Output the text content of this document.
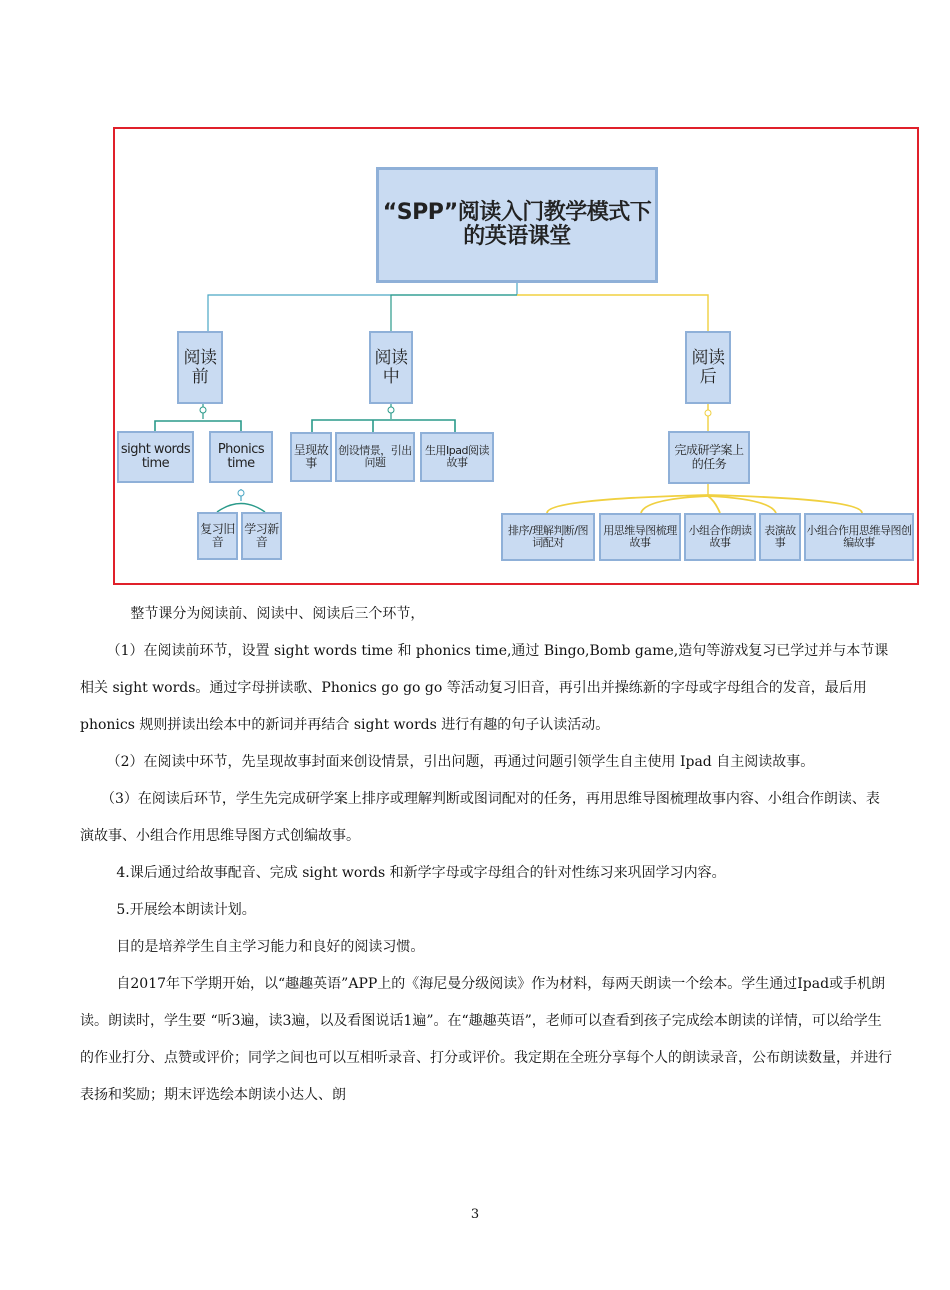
“SPP”阅读入门教学模式下的英语课堂
阅读前
阅读中
阅读后
sight words time
Phonics time
复习旧音
学习新音
呈现故事
创设情景，引出问题
生用Ipad阅读故事
完成研学案上的任务
排序/理解判断/图词配对
用思维导图梳理故事
小组合作朗读故事
表演故事
小组合作用思维导图创编故事

整节课分为阅读前、阅读中、阅读后三个环节，

（1）在阅读前环节，设置 sight words time 和 phonics time,通过 Bingo,Bomb game,造句等游戏复习已学过并与本节课相关 sight words。通过字母拼读歌、Phonics go go go 等活动复习旧音，再引出并操练新的字母或字母组合的发音，最后用 phonics 规则拼读出绘本中的新词并再结合 sight words 进行有趣的句子认读活动。

（2）在阅读中环节，先呈现故事封面来创设情景，引出问题，再通过问题引领学生自主使用 Ipad 自主阅读故事。

（3）在阅读后环节，学生先完成研学案上排序或理解判断或图词配对的任务，再用思维导图梳理故事内容、小组合作朗读、表演故事、小组合作用思维导图方式创编故事。

4.课后通过给故事配音、完成 sight words 和新学字母或字母组合的针对性练习来巩固学习内容。

5.开展绘本朗读计划。

目的是培养学生自主学习能力和良好的阅读习惯。

自2017年下学期开始，以“趣趣英语”APP上的《海尼曼分级阅读》作为材料，每两天朗读一个绘本。学生通过Ipad或手机朗读。朗读时，学生要 “听3遍，读3遍，以及看图说话1遍”。在“趣趣英语”，老师可以查看到孩子完成绘本朗读的详情，可以给学生的作业打分、点赞或评价；同学之间也可以互相听录音、打分或评价。我定期在全班分享每个人的朗读录音，公布朗读数量，并进行表扬和奖励；期末评选绘本朗读小达人、朗

3
